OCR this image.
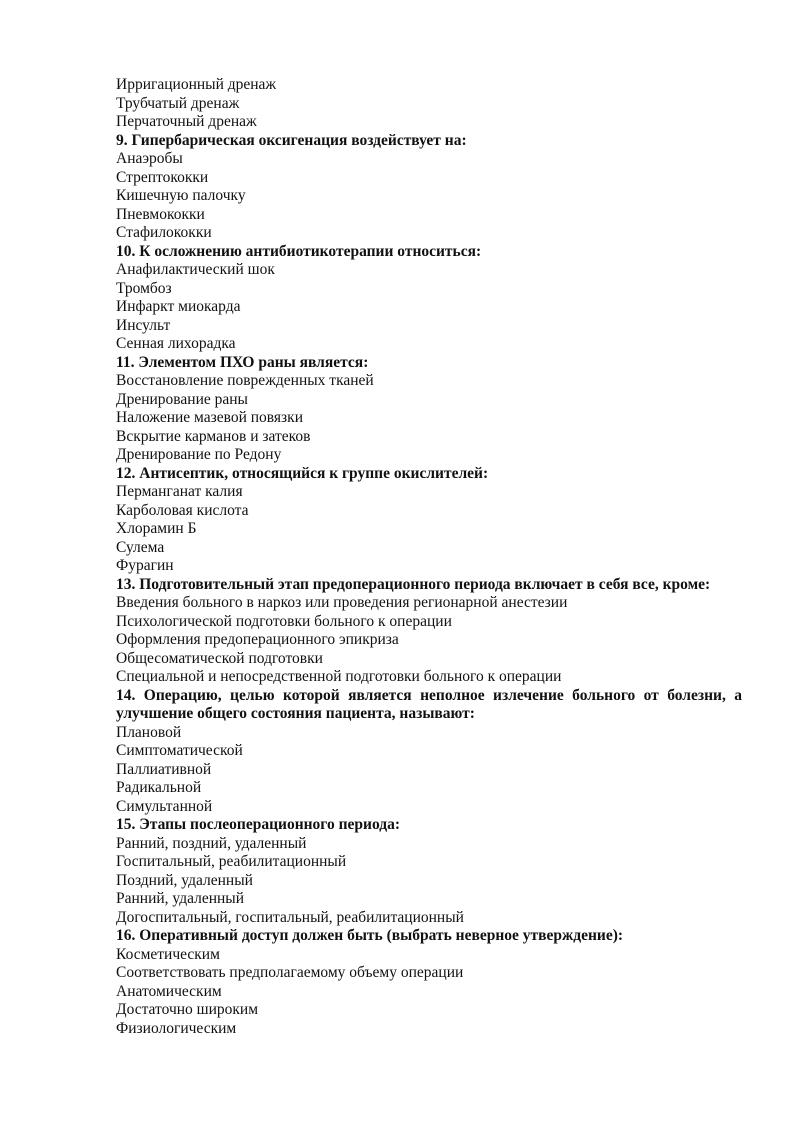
Ирригационный дренаж
Трубчатый дренаж
Перчаточный дренаж
9. Гипербарическая оксигенация воздействует на:
Анаэробы
Стрептококки
Кишечную палочку
Пневмококки
Стафилококки
10. К осложнению антибиотикотерапии относиться:
Анафилактический шок
Тромбоз
Инфаркт миокарда
Инсульт
Сенная лихорадка
11. Элементом ПХО раны является:
Восстановление поврежденных тканей
Дренирование раны
Наложение мазевой повязки
Вскрытие карманов и затеков
Дренирование по Редону
12. Антисептик, относящийся к группе окислителей:
Перманганат калия
Карболовая кислота
Хлорамин Б
Сулема
Фурагин
13. Подготовительный этап предоперационного периода включает в себя все, кроме:
Введения больного в наркоз или проведения регионарной анестезии
Психологической подготовки больного к операции
Оформления предоперационного эпикриза
Общесоматической подготовки
Специальной и непосредственной подготовки больного к операции
14. Операцию, целью которой является неполное излечение больного от болезни, а улучшение общего состояния пациента, называют:
Плановой
Симптоматической
Паллиативной
Радикальной
Симультанной
15. Этапы послеоперационного периода:
Ранний, поздний, удаленный
Госпитальный, реабилитационный
Поздний, удаленный
Ранний, удаленный
Догоспитальный, госпитальный, реабилитационный
16. Оперативный доступ должен быть (выбрать неверное утверждение):
Косметическим
Соответствовать предполагаемому объему операции
Анатомическим
Достаточно широким
Физиологическим
